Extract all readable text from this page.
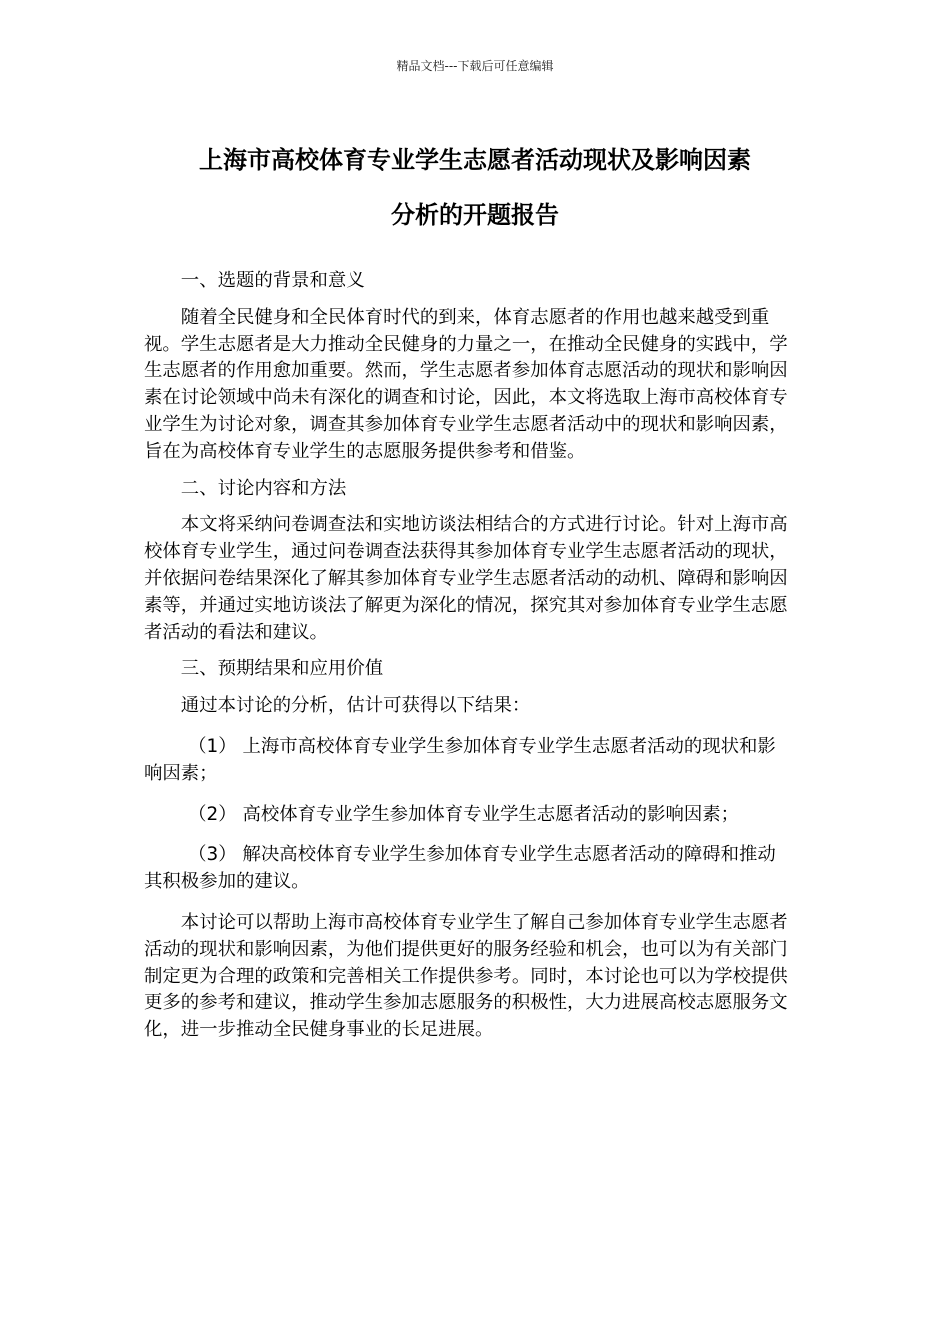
精品文档---下载后可任意编辑
上海市高校体育专业学生志愿者活动现状及影响因素
分析的开题报告

一、选题的背景和意义

随着全民健身和全民体育时代的到来，体育志愿者的作用也越来越受到重视。学生志愿者是大力推动全民健身的力量之一，在推动全民健身的实践中，学生志愿者的作用愈加重要。然而，学生志愿者参加体育志愿活动的现状和影响因素在讨论领域中尚未有深化的调查和讨论，因此，本文将选取上海市高校体育专业学生为讨论对象，调查其参加体育专业学生志愿者活动中的现状和影响因素，旨在为高校体育专业学生的志愿服务提供参考和借鉴。

二、讨论内容和方法

本文将采纳问卷调查法和实地访谈法相结合的方式进行讨论。针对上海市高校体育专业学生，通过问卷调查法获得其参加体育专业学生志愿者活动的现状，并依据问卷结果深化了解其参加体育专业学生志愿者活动的动机、障碍和影响因素等，并通过实地访谈法了解更为深化的情况，探究其对参加体育专业学生志愿者活动的看法和建议。

三、预期结果和应用价值

通过本讨论的分析，估计可获得以下结果：

（1） 上海市高校体育专业学生参加体育专业学生志愿者活动的现状和影响因素；

（2） 高校体育专业学生参加体育专业学生志愿者活动的影响因素；

（3） 解决高校体育专业学生参加体育专业学生志愿者活动的障碍和推动其积极参加的建议。

本讨论可以帮助上海市高校体育专业学生了解自己参加体育专业学生志愿者活动的现状和影响因素，为他们提供更好的服务经验和机会，也可以为有关部门制定更为合理的政策和完善相关工作提供参考。同时，本讨论也可以为学校提供更多的参考和建议，推动学生参加志愿服务的积极性，大力进展高校志愿服务文化，进一步推动全民健身事业的长足进展。
